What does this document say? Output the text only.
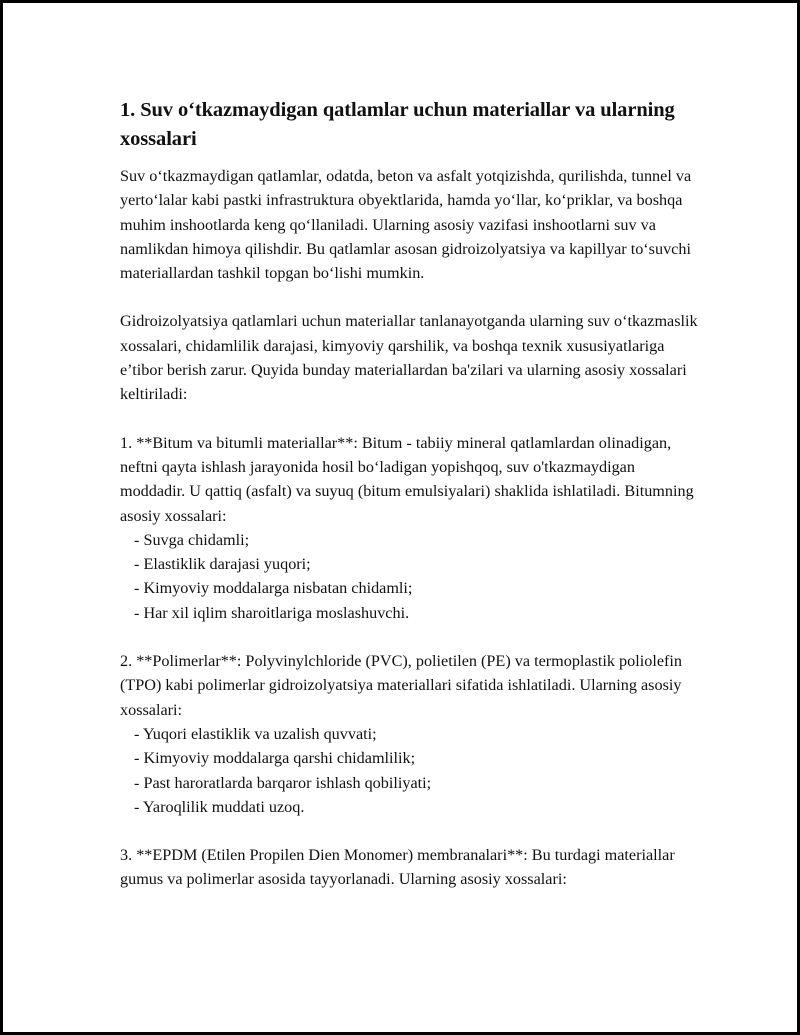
1. Suv o‘tkazmaydigan qatlamlar uchun materiallar va ularning xossalari

Suv o‘tkazmaydigan qatlamlar, odatda, beton va asfalt yotqizishda, qurilishda, tunnel va yerto‘lalar kabi pastki infrastruktura obyektlarida, hamda yo‘llar, ko‘priklar, va boshqa muhim inshootlarda keng qo‘llaniladi. Ularning asosiy vazifasi inshootlarni suv va namlikdan himoya qilishdir. Bu qatlamlar asosan gidroizolyatsiya va kapillyar to‘suvchi materiallardan tashkil topgan bo‘lishi mumkin.

Gidroizolyatsiya qatlamlari uchun materiallar tanlanayotganda ularning suv o‘tkazmaslik xossalari, chidamlilik darajasi, kimyoviy qarshilik, va boshqa texnik xususiyatlariga e’tibor berish zarur. Quyida bunday materiallardan ba'zilari va ularning asosiy xossalari keltiriladi:

1. **Bitum va bitumli materiallar**: Bitum - tabiiy mineral qatlamlardan olinadigan, neftni qayta ishlash jarayonida hosil bo‘ladigan yopishqoq, suv o'tkazmaydigan moddadir. U qattiq (asfalt) va suyuq (bitum emulsiyalari) shaklida ishlatiladi. Bitumning asosiy xossalari:

- Suvga chidamli;
- Elastiklik darajasi yuqori;
- Kimyoviy moddalarga nisbatan chidamli;
- Har xil iqlim sharoitlariga moslashuvchi.

2. **Polimerlar**: Polyvinylchloride (PVC), polietilen (PE) va termoplastik poliolefin (TPO) kabi polimerlar gidroizolyatsiya materiallari sifatida ishlatiladi. Ularning asosiy xossalari:

- Yuqori elastiklik va uzalish quvvati;
- Kimyoviy moddalarga qarshi chidamlilik;
- Past haroratlarda barqaror ishlash qobiliyati;
- Yaroqlilik muddati uzoq.

3. **EPDM (Etilen Propilen Dien Monomer) membranalari**: Bu turdagi materiallar gumus va polimerlar asosida tayyorlanadi. Ularning asosiy xossalari:
